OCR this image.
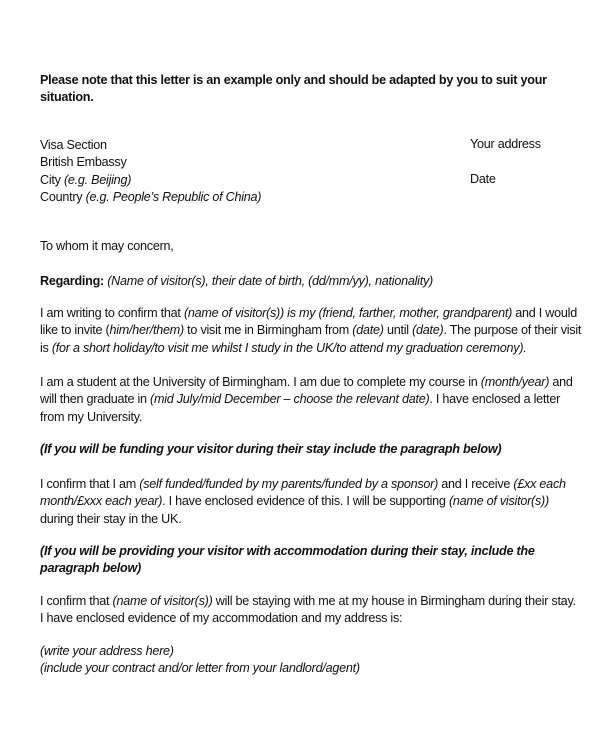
Your address
Date
Please note that this letter is an example only and should be adapted by you to suit your
situation.
Visa Section
British Embassy
City (e.g. Beijing)
Country (e.g. People’s Republic of China)
To whom it may concern,
Regarding: (Name of visitor(s), their date of birth, (dd/mm/yy), nationality)
I am writing to confirm that (name of visitor(s)) is my (friend, farther, mother, grandparent) and I would
like to invite (him/her/them) to visit me in Birmingham from (date) until (date). The purpose of their visit
is (for a short holiday/to visit me whilst I study in the UK/to attend my graduation ceremony).
I am a student at the University of Birmingham. I am due to complete my course in (month/year) and
will then graduate in (mid July/mid December – choose the relevant date). I have enclosed a letter
from my University.
(If you will be funding your visitor during their stay include the paragraph below)
I confirm that I am (self funded/funded by my parents/funded by a sponsor) and I receive (£xx each
month/£xxx each year). I have enclosed evidence of this. I will be supporting (name of visitor(s))
during their stay in the UK.
(If you will be providing your visitor with accommodation during their stay, include the
paragraph below)
I confirm that (name of visitor(s)) will be staying with me at my house in Birmingham during their stay.
I have enclosed evidence of my accommodation and my address is:
(write your address here)
(include your contract and/or letter from your landlord/agent)
